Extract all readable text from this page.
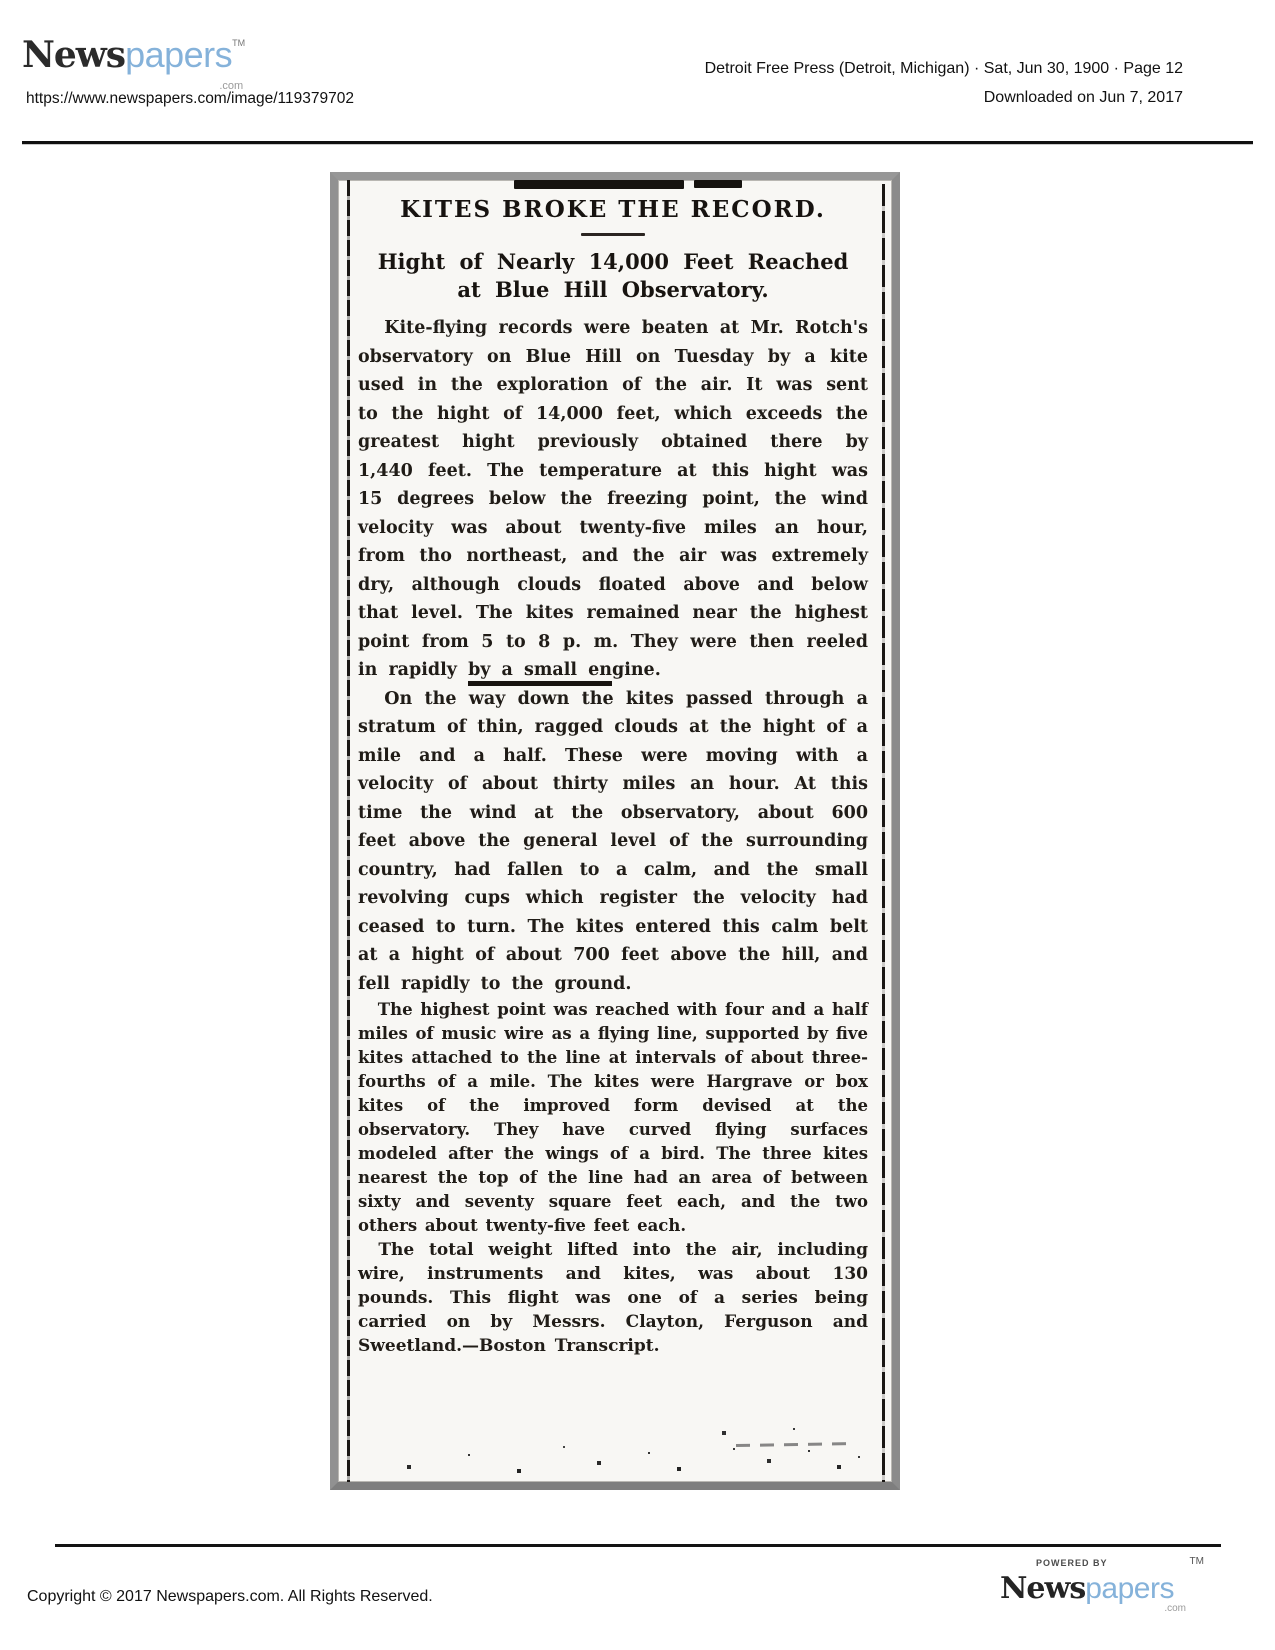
Newspapers™
.com
https://www.newspapers.com/image/119379702
Detroit Free Press (Detroit, Michigan) · Sat, Jun 30, 1900 · Page 12
Downloaded on Jun 7, 2017
KITES BROKE THE RECORD.
Hight of Nearly 14,000 Feet Reached
at Blue Hill Observatory.

Kite-flying records were beaten at Mr. Rotch's observatory on Blue Hill on Tuesday by a kite used in the exploration of the air. It was sent to the hight of 14,000 feet, which exceeds the greatest hight previously obtained there by 1,440 feet. The temperature at this hight was 15 degrees below the freezing point, the wind velocity was about twenty-five miles an hour, from tho northeast, and the air was extremely dry, although clouds floated above and below that level. The kites remained near the highest point from 5 to 8 p. m. They were then reeled in rapidly by a small engine.

On the way down the kites passed through a stratum of thin, ragged clouds at the hight of a mile and a half. These were moving with a velocity of about thirty miles an hour. At this time the wind at the observatory, about 600 feet above the general level of the surrounding country, had fallen to a calm, and the small revolving cups which register the velocity had ceased to turn. The kites entered this calm belt at a hight of about 700 feet above the hill, and fell rapidly to the ground.

The highest point was reached with four and a half miles of music wire as a flying line, supported by five kites attached to the line at intervals of about three-fourths of a mile. The kites were Hargrave or box kites of the improved form devised at the observatory. They have curved flying surfaces modeled after the wings of a bird. The three kites nearest the top of the line had an area of between sixty and seventy square feet each, and the two others about twenty-five feet each.

The total weight lifted into the air, including wire, instruments and kites, was about 130 pounds. This flight was one of a series being carried on by Messrs. Clayton, Ferguson and Sweetland.—Boston Transcript.

Copyright © 2017 Newspapers.com. All Rights Reserved.
POWERED BY
Newspapers
TM
.com
